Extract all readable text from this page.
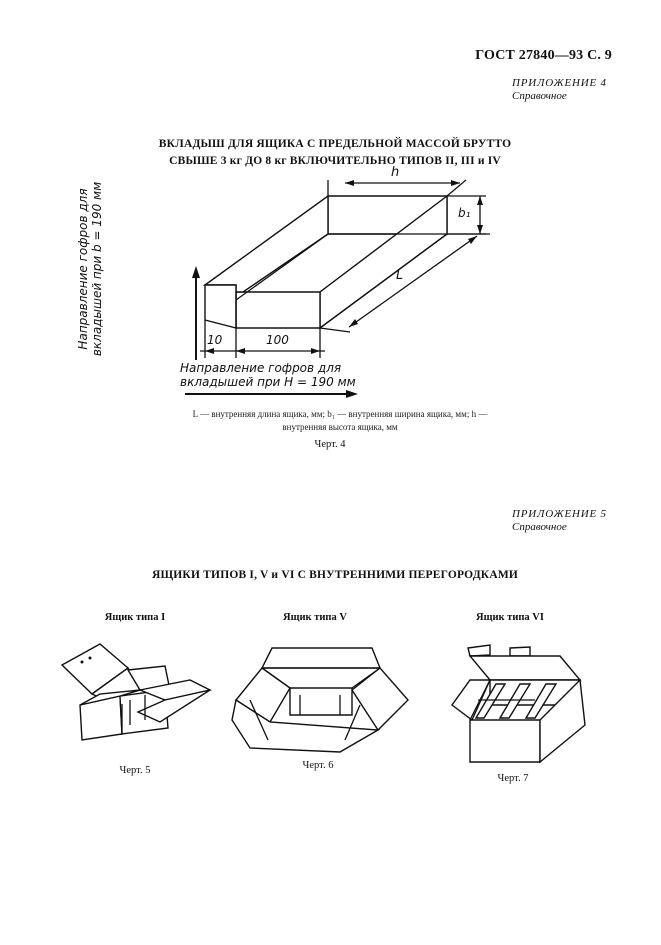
ГОСТ 27840—93 С. 9
ПРИЛОЖЕНИЕ 4
Справочное
ВКЛАДЫШ ДЛЯ ЯЩИКА С ПРЕДЕЛЬНОЙ МАССОЙ БРУТТО
СВЫШЕ 3 кг ДО 8 кг ВКЛЮЧИТЕЛЬНО ТИПОВ II, III и IV
h
b₁
L
10	100
Направление гофров для вкладышей при b = 190 мм
Направление гофров для
вкладышей при H = 190 мм
L — внутренняя длина ящика, мм; b₁ — внутренняя ширина ящика, мм; h —
внутренняя высота ящика, мм
Черт. 4
ПРИЛОЖЕНИЕ 5
Справочное
ЯЩИКИ ТИПОВ I, V и VI С ВНУТРЕННИМИ ПЕРЕГОРОДКАМИ
Ящик типа I	Ящик типа V	Ящик типа VI
Черт. 5	Черт. 6
Черт. 7
